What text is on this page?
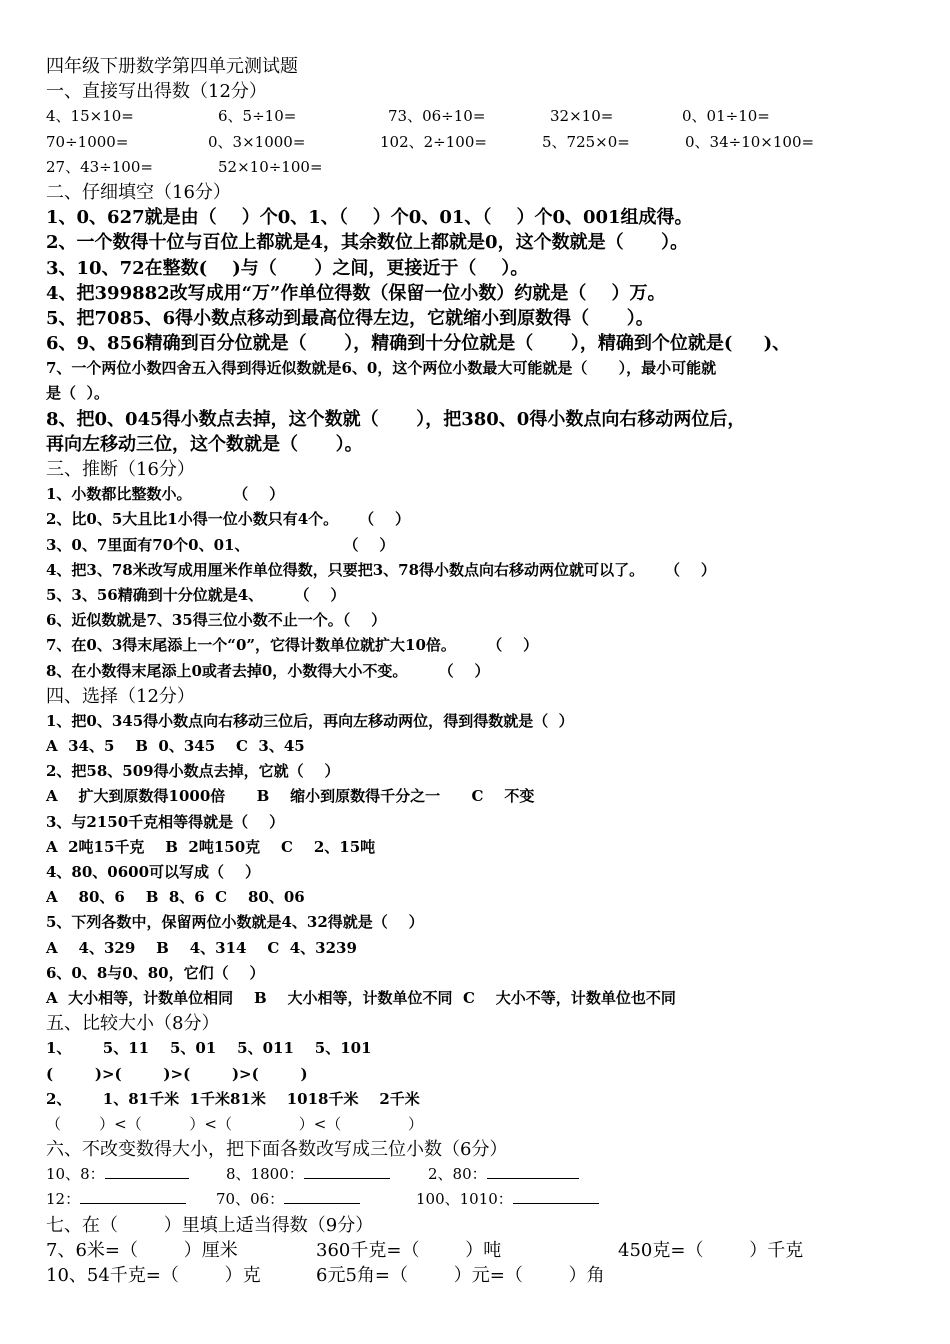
四年级下册数学第四单元测试题
一、直接写出得数（12分）
4、15×10=	6、5÷10=	73、06÷10=	32×10=	0、01÷10=
70÷1000=	0、3×1000=	102、2÷100=	5、725×0=	0、34÷10×100=
27、43÷100=	52×10÷100=
二、仔细填空（16分）
1、0、627就是由（    ）个0、1、（    ）个0、01、（    ）个0、001组成得。
2、一个数得十位与百位上都就是4，其余数位上都就是0，这个数就是（      ）。
3、10、72在整数(    )与（      ）之间，更接近于（    ）。
4、把399882改写成用“万”作单位得数（保留一位小数）约就是（    ）万。
5、把7085、6得小数点移动到最高位得左边，它就缩小到原数得（      ）。
6、9、856精确到百分位就是（      ），精确到十分位就是（      ），精确到个位就是(     )、
7、一个两位小数四舍五入得到得近似数就是6、0，这个两位小数最大可能就是（      ），最小可能就
是（  ）。
8、把0、045得小数点去掉，这个数就（      ），把380、0得小数点向右移动两位后，
再向左移动三位，这个数就是（      ）。
三、推断（16分）
1、小数都比整数小。        （    ）
2、比0、5大且比1小得一位小数只有4个。    （    ）
3、0、7里面有70个0、01、                  （    ）
4、把3、78米改写成用厘米作单位得数，只要把3、78得小数点向右移动两位就可以了。    （    ）
5、3、56精确到十分位就是4、      （    ）
6、近似数就是7、35得三位小数不止一个。（    ）
7、在0、3得末尾添上一个“0”，它得计数单位就扩大10倍。      （    ）
8、在小数得末尾添上0或者去掉0，小数得大小不变。      （    ）
四、选择（12分）
1、把0、345得小数点向右移动三位后，再向左移动两位，得到得数就是（  ）
A  34、5    B  0、345    C  3、45
2、把58、509得小数点去掉，它就（    ）
A    扩大到原数得1000倍      B    缩小到原数得千分之一      C    不变
3、与2150千克相等得就是（    ）
A  2吨15千克    B  2吨150克    C    2、15吨
4、80、0600可以写成（    ）
A    80、6    B  8、6  C    80、06
5、下列各数中，保留两位小数就是4、32得就是（    ）
A    4、329    B    4、314    C  4、3239
6、0、8与0、80，它们（    ）
A  大小相等，计数单位相同    B    大小相等，计数单位不同  C    大小不等，计数单位也不同
五、比较大小（8分）
1、      5、11    5、01    5、011    5、101
(        )>(        )>(        )>(        )
2、      1、81千米  1千米81米    1018千米    2千米
（        ）<（          ）<（              ）<（              ）
六、不改变数得大小，把下面各数改写成三位小数（6分）
10、8：	8、1800：	2、80：
12：	70、06：	100、1010：
七、在（        ）里填上适当得数（9分）
7、6米=（        ）厘米	360千克=（        ）吨	450克=（        ）千克
10、54千克=（        ）克	6元5角=（        ）元=（        ）角
